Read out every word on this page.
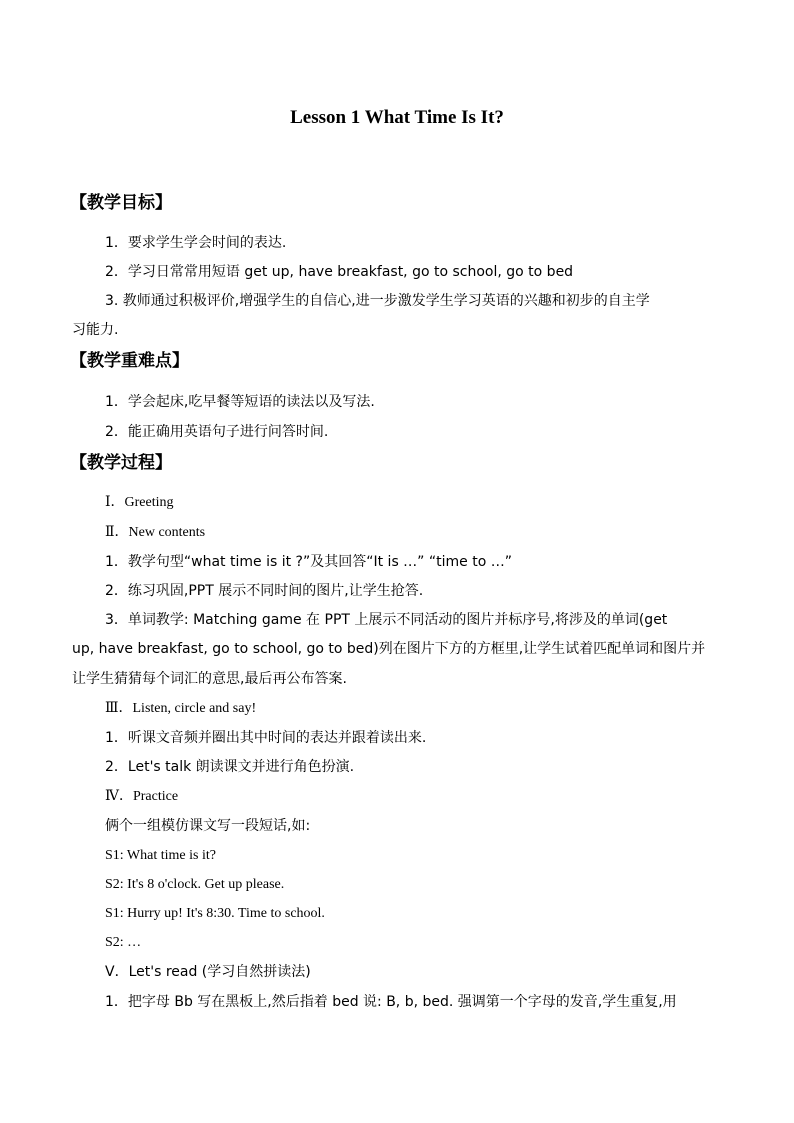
Lesson 1 What Time Is It?
【教学目标】
1．要求学生学会时间的表达.
2．学习日常常用短语 get up, have breakfast, go to school, go to bed
3. 教师通过积极评价,增强学生的自信心,进一步激发学生学习英语的兴趣和初步的自主学
习能力.
【教学重难点】
1．学会起床,吃早餐等短语的读法以及写法.
2．能正确用英语句子进行问答时间.
【教学过程】
Ⅰ．Greeting
Ⅱ．New contents
1．教学句型“what time is it ?”及其回答“It is …” “time to …”
2．练习巩固,PPT 展示不同时间的图片,让学生抢答.
3．单词教学: Matching game 在 PPT 上展示不同活动的图片并标序号,将涉及的单词(get
up, have breakfast, go to school, go to bed)列在图片下方的方框里,让学生试着匹配单词和图片并
让学生猜猜每个词汇的意思,最后再公布答案.
Ⅲ．Listen, circle and say!
1．听课文音频并圈出其中时间的表达并跟着读出来.
2．Let's talk 朗读课文并进行角色扮演.
Ⅳ．Practice
俩个一组模仿课文写一段短话,如:
S1: What time is it?
S2: It's 8 o'clock. Get up please.
S1: Hurry up! It's 8:30. Time to school.
S2: …
Ⅴ．Let's read (学习自然拼读法)
1．把字母 Bb 写在黑板上,然后指着 bed 说: B, b, bed. 强调第一个字母的发音,学生重复,用
